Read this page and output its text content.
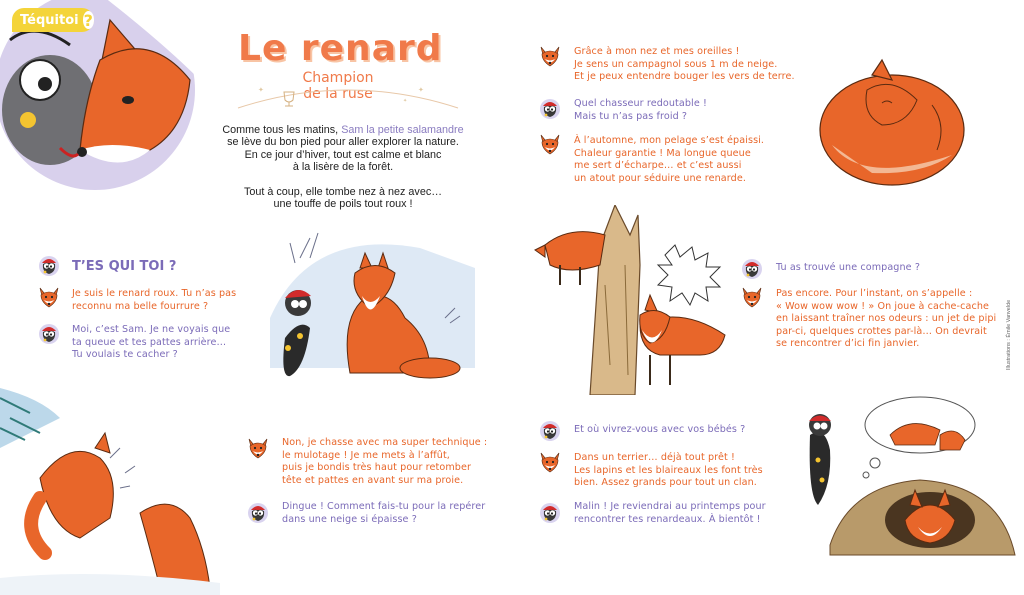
Téquitoi ?
Le renard
Champion
de la ruse
✦	✦
✦
Comme tous les matins, Sam la petite salamandre
se lève du bon pied pour aller explorer la nature.
En ce jour d’hiver, tout est calme et blanc
à la lisère de la forêt.

Tout à coup, elle tombe nez à nez avec…
une touffe de poils tout roux !
T’ES QUI TOI ?
Je suis le renard roux. Tu n’as pas
reconnu ma belle fourrure ?
Moi, c’est Sam. Je ne voyais que
ta queue et tes pattes arrière…
Tu voulais te cacher ?
Non, je chasse avec ma super technique :
le mulotage ! Je me mets à l’affût,
puis je bondis très haut pour retomber
tête et pattes en avant sur ma proie.
Dingue ! Comment fais-tu pour la repérer
dans une neige si épaisse ?
Grâce à mon nez et mes oreilles !
Je sens un campagnol sous 1 m de neige.
Et je peux entendre bouger les vers de terre.
Quel chasseur redoutable !
Mais tu n’as pas froid ?
À l’automne, mon pelage s’est épaissi.
Chaleur garantie ! Ma longue queue
me sert d’écharpe… et c’est aussi
un atout pour séduire une renarde.
Tu as trouvé une compagne ?
Pas encore. Pour l’instant, on s’appelle :
« Wow wow wow ! » On joue à cache-cache
en laissant traîner nos odeurs : un jet de pipi
par-ci, quelques crottes par-là… On devrait
se rencontrer d’ici fin janvier.	Illustrations : Émile Vanvelde
Et où vivrez-vous avec vos bébés ?
Dans un terrier… déjà tout prêt !
Les lapins et les blaireaux les font très
bien. Assez grands pour tout un clan.
Malin ! Je reviendrai au printemps pour
rencontrer tes renardeaux. À bientôt !
